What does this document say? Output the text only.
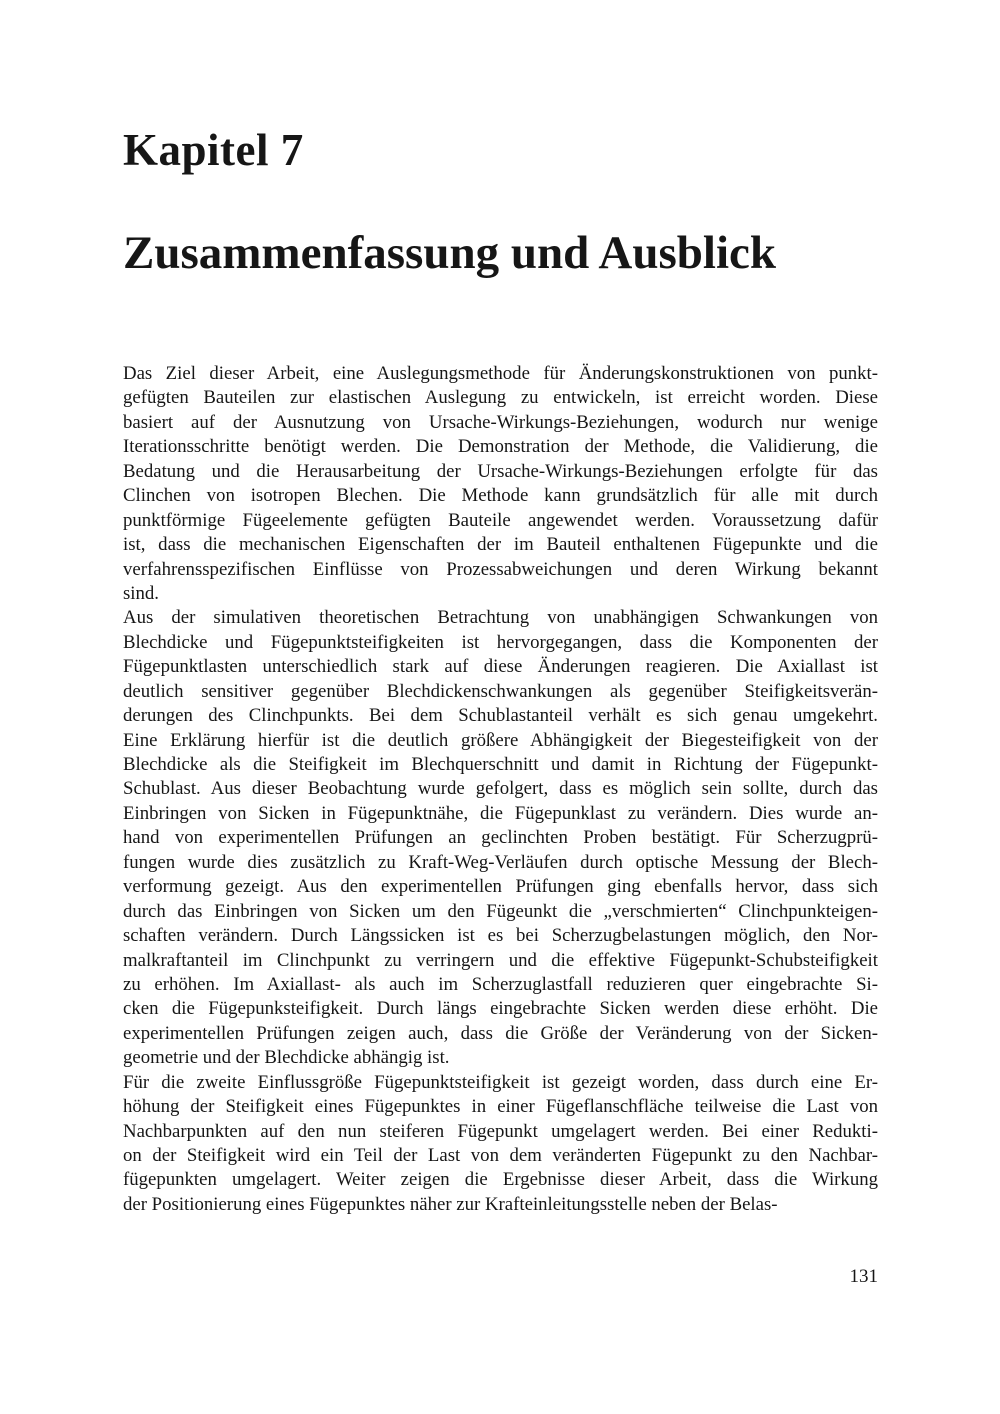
Kapitel 7
Zusammenfassung und Ausblick

Das Ziel dieser Arbeit, eine Auslegungsmethode für Änderungskonstruktionen von punkt-
gefügten Bauteilen zur elastischen Auslegung zu entwickeln, ist erreicht worden. Diese
basiert auf der Ausnutzung von Ursache-Wirkungs-Beziehungen, wodurch nur wenige
Iterationsschritte benötigt werden. Die Demonstration der Methode, die Validierung, die
Bedatung und die Herausarbeitung der Ursache-Wirkungs-Beziehungen erfolgte für das
Clinchen von isotropen Blechen. Die Methode kann grundsätzlich für alle mit durch
punktförmige Fügeelemente gefügten Bauteile angewendet werden. Voraussetzung dafür
ist, dass die mechanischen Eigenschaften der im Bauteil enthaltenen Fügepunkte und die
verfahrensspezifischen Einflüsse von Prozessabweichungen und deren Wirkung bekannt
sind.

Aus der simulativen theoretischen Betrachtung von unabhängigen Schwankungen von
Blechdicke und Fügepunktsteifigkeiten ist hervorgegangen, dass die Komponenten der
Fügepunktlasten unterschiedlich stark auf diese Änderungen reagieren. Die Axiallast ist
deutlich sensitiver gegenüber Blechdickenschwankungen als gegenüber Steifigkeitsverän-
derungen des Clinchpunkts. Bei dem Schublastanteil verhält es sich genau umgekehrt.
Eine Erklärung hierfür ist die deutlich größere Abhängigkeit der Biegesteifigkeit von der
Blechdicke als die Steifigkeit im Blechquerschnitt und damit in Richtung der Fügepunkt-
Schublast. Aus dieser Beobachtung wurde gefolgert, dass es möglich sein sollte, durch das
Einbringen von Sicken in Fügepunktnähe, die Fügepunklast zu verändern. Dies wurde an-
hand von experimentellen Prüfungen an geclinchten Proben bestätigt. Für Scherzugprü-
fungen wurde dies zusätzlich zu Kraft-Weg-Verläufen durch optische Messung der Blech-
verformung gezeigt. Aus den experimentellen Prüfungen ging ebenfalls hervor, dass sich
durch das Einbringen von Sicken um den Fügeunkt die „verschmierten“ Clinchpunkteigen-
schaften verändern. Durch Längssicken ist es bei Scherzugbelastungen möglich, den Nor-
malkraftanteil im Clinchpunkt zu verringern und die effektive Fügepunkt-Schubsteifigkeit
zu erhöhen. Im Axiallast- als auch im Scherzuglastfall reduzieren quer eingebrachte Si-
cken die Fügepunksteifigkeit. Durch längs eingebrachte Sicken werden diese erhöht. Die
experimentellen Prüfungen zeigen auch, dass die Größe der Veränderung von der Sicken-
geometrie und der Blechdicke abhängig ist.

Für die zweite Einflussgröße Fügepunktsteifigkeit ist gezeigt worden, dass durch eine Er-
höhung der Steifigkeit eines Fügepunktes in einer Fügeflanschfläche teilweise die Last von
Nachbarpunkten auf den nun steiferen Fügepunkt umgelagert werden. Bei einer Redukti-
on der Steifigkeit wird ein Teil der Last von dem veränderten Fügepunkt zu den Nachbar-
fügepunkten umgelagert. Weiter zeigen die Ergebnisse dieser Arbeit, dass die Wirkung
der Positionierung eines Fügepunktes näher zur Krafteinleitungsstelle neben der Belas-

131
